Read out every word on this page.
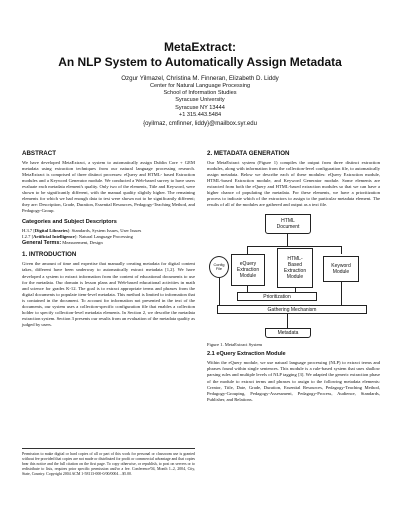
MetaExtract:
An NLP System to Automatically Assign Metadata
Ozgur Yilmazel, Christina M. Finneran, Elizabeth D. Liddy
Center for Natural Language Processing
School of Information Studies
Syracuse University
Syracuse NY 13444
+1 315.443.5484
{oyilmaz, cmfinner, liddy}@mailbox.syr.edu
ABSTRACT

We have developed MetaExtract, a system to automatically assign Dublin Core + GEM metadata using extraction techniques from our natural language processing research. MetaExtract is comprised of three distinct processes: eQuery and HTML- based Extraction modules and a Keyword Generator module. We conducted a Web-based survey to have users evaluate each metadata element's quality. Only two of the elements, Title and Keyword, were shown to be significantly different, with the manual quality slightly higher. The remaining elements for which we had enough data to test were shown not to be significantly different; they are: Description, Grade, Duration, Essential Resources, Pedagogy-Teaching Method, and Pedagogy-Group.

Categories and Subject Descriptors
H.3.7 [Digital Libraries]: Standards, System Issues, User Issues
I.2.7 [Artificial Intelligence]: Natural Language Processing
General Terms: Measurement, Design
1. INTRODUCTION

Given the amount of time and expertise that manually creating metadata for digital content takes, different have been underway to automatically extract metadata [1,2]. We have developed a system to extract information from the content of educational documents to use for the metadata. Our domain is lesson plans and Web-based educational activities in math and science for grades K-12. The goal is to extract appropriate terms and phrases from the digital documents to populate item-level metadata. This method is limited to information that is contained in the document. To account for information not presented in the text of the documents, our system uses a collection-specific configuration file that enables a collection holder to specify collection-level metadata elements. In Section 2, we describe the metadata extraction system. Section 3 presents our results from an evaluation of the metadata quality as judged by users.

Permission to make digital or hard copies of all or part of this work for personal or classroom use is granted without fee provided that copies are not made or distributed for profit or commercial advantage and that copies bear this notice and the full citation on the first page. To copy otherwise, or republish, to post on servers or to redistribute to lists, requires prior specific permission and/or a fee. Conference'04, Month 1–2, 2004, City, State, Country. Copyright 2004 ACM 1-58113-000-0/00/0004…$5.00.

2. METADATA GENERATION

Our MetaExtract system (Figure 1) compiles the output from three distinct extraction modules, along with information from the collection-level configuration file, to automatically assign metadata. Below we describe each of these modules: eQuery Extraction module, HTML-based Extraction module, and Keyword Generator module. Some elements are extracted from both the eQuery and HTML-based extraction modules so that we can have a higher chance of populating the metadata. For these elements, we have a prioritization process to indicate which of the extractors to assign to the particular metadata element. The results of all of the modules are gathered and output as a text file.

HTML
Document
Config
File
eQuery
Extraction
Module
HTML-
Based
Extraction
Module
Keyword
Module
Prioritization
Gathering Mechanism
Metadata
Figure 1. MetaExtract System
2.1 eQuery Extraction Module

Within the eQuery module, we use natural language processing (NLP) to extract terms and phrases found within single sentences. This module is a rule-based system that uses shallow parsing rules and multiple levels of NLP tagging [3]. We adapted the generic extraction phase of the module to extract terms and phrases to assign to the following metadata elements: Creator, Title, Date, Grade, Duration, Essential Resources, Pedagogy-Teaching Method, Pedagogy-Grouping, Pedagogy-Assessment, Pedagogy-Process, Audience, Standards, Publisher, and Relations.
